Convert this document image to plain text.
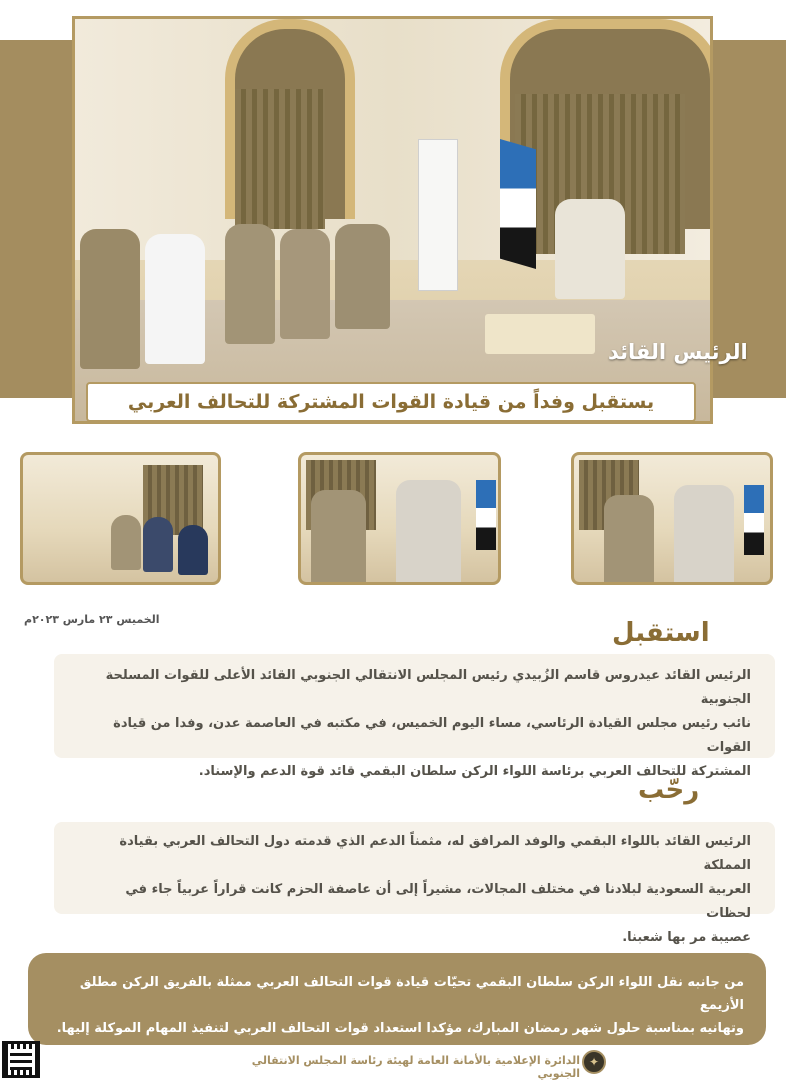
الرئيس القائد
يستقبل وفداً من قيادة القوات المشتركة للتحالف العربي
الخميس ٢٣ مارس ٢٠٢٣م	استقبل
الرئيس القائد عيدروس قاسم الزُبيدي رئيس المجلس الانتقالي الجنوبي القائد الأعلى للقوات المسلحة الجنوبية
نائب رئيس مجلس القيادة الرئاسي، مساء اليوم الخميس، في مكتبه في العاصمة عدن، وفدا من قيادة القوات
المشتركة للتحالف العربي برئاسة اللواء الركن سلطان البقمي قائد قوة الدعم والإسناد.
رحّب
الرئيس القائد باللواء البقمي والوفد المرافق له، مثمناً الدعم الذي قدمته دول التحالف العربي بقيادة المملكة
العربية السعودية لبلادنا في مختلف المجالات، مشيراً إلى أن عاصفة الحزم كانت قراراً عربياً جاء في لحظات
عصيبة مر بها شعبنا.
من جانبه نقل اللواء الركن سلطان البقمي تحيّات قيادة قوات التحالف العربي ممثلة بالفريق الركن مطلق الأزيمع
وتهانيه بمناسبة حلول شهر رمضان المبارك، مؤكدا استعداد قوات التحالف العربي لتنفيذ المهام الموكلة إليها.
الدائرة الإعلامية بالأمانة العامة لهيئة رئاسة المجلس الانتقالي الجنوبي
✦
